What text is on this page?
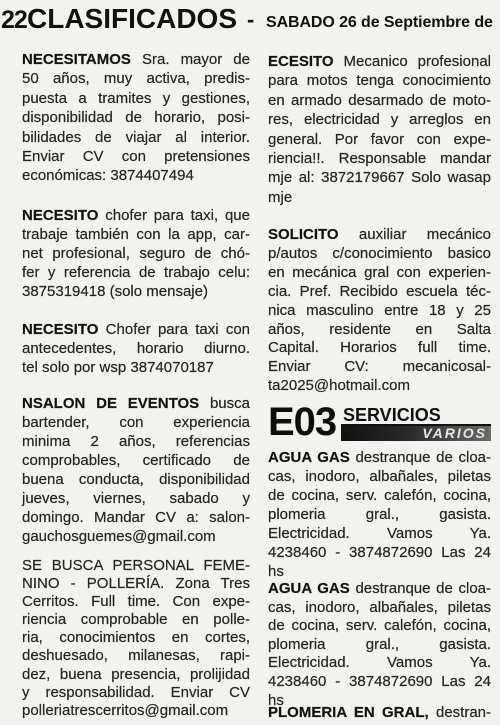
22 CLASIFICADOS - SABADO 26 de Septiembre de
NECESITAMOS Sra. mayor de
50 años, muy activa, predis-
puesta a tramites y gestiones,
disponibilidad de horario, posi-
bilidades de viajar al interior.
Enviar CV con pretensiones
económicas: 3874407494
NECESITO chofer para taxi, que
trabaje también con la app, car-
net profesional, seguro de chó-
fer y referencia de trabajo celu:
3875319418 (solo mensaje)
NECESITO Chofer para taxi con
antecedentes, horario diurno.
tel solo por wsp 3874070187
NSALON DE EVENTOS busca
bartender, con experiencia
minima 2 años, referencias
comprobables, certificado de
buena conducta, disponibilidad
jueves, viernes, sabado y
domingo. Mandar CV a: salon-
gauchosguemes@gmail.com
SE BUSCA PERSONAL FEME-
NINO - POLLERÍA. Zona Tres
Cerritos. Full time. Con expe-
riencia comprobable en polle-
ria, conocimientos en cortes,
deshuesado, milanesas, rapi-
dez, buena presencia, prolijidad
y responsabilidad. Enviar CV
polleriatrescerritos@gmail.com
ECESITO Mecanico profesional
para motos tenga conocimiento
en armado desarmado de moto-
res, electricidad y arreglos en
general. Por favor con expe-
riencia!!. Responsable mandar
mje al: 3872179667 Solo wasap
mje
SOLICITO auxiliar mecánico
p/autos c/conocimiento basico
en mecánica gral con experien-
cia. Pref. Recibido escuela téc-
nica masculino entre 18 y 25
años, residente en Salta
Capital. Horarios full time.
Enviar CV: mecanicosal-
ta2025@hotmail.com
E03 SERVICIOS
VARIOS
AGUA GAS destranque de cloa-
cas, inodoro, albañales, piletas
de cocina, serv. calefón, cocina,
plomeria gral., gasista.
Electricidad. Vamos Ya.
4238460 - 3874872690 Las 24 hs
AGUA GAS destranque de cloa-
cas, inodoro, albañales, piletas
de cocina, serv. calefón, cocina,
plomeria gral., gasista.
Electricidad. Vamos Ya.
4238460 - 3874872690 Las 24 hs
PLOMERIA EN GRAL, destran-
